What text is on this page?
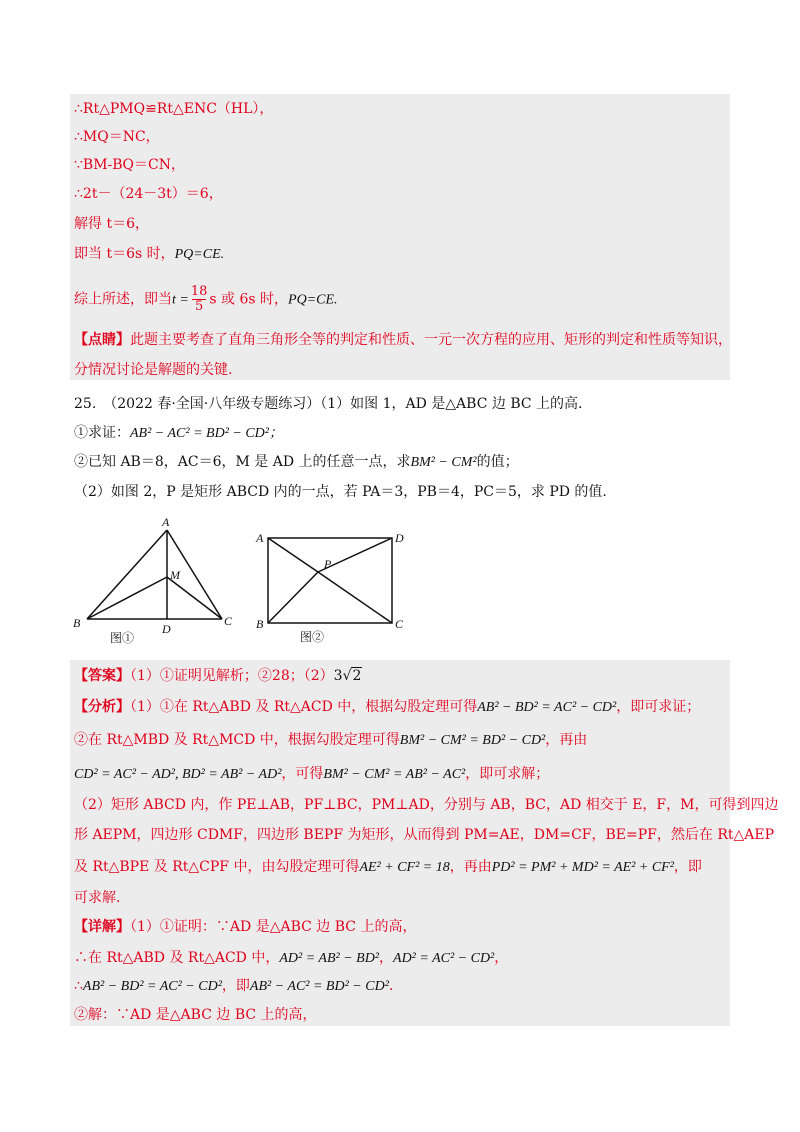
∴Rt△PMQ≌Rt△ENC（HL），
∴MQ＝NC，
∵BM-BQ＝CN，
∴2t－（24－3t）＝6，
解得 t＝6，
即当 t＝6s 时，PQ=CE.
综上所述，即当$t = \frac{18}{5}$ s 或 6s 时，PQ=CE.
【点睛】此题主要考查了直角三角形全等的判定和性质、一元一次方程的应用、矩形的判定和性质等知识，
分情况讨论是解题的关键.
25.　（2022 春·全国·八年级专题练习）（1）如图 1，AD 是△ABC 边 BC 上的高.
①求证：AB² − AC² = BD² − CD²；
②已知 AB＝8，AC＝6，M 是 AD 上的任意一点，求BM² − CM²的值；
（2）如图 2，P 是矩形 ABCD 内的一点，若 PA＝3，PB＝4，PC＝5，求 PD 的值.
A
M
B	C
D
图①
A	D
P
B	C
图②
【答案】（1）①证明见解析；②28；（2）3√2
【分析】（1）①在 Rt△ABD 及 Rt△ACD 中，根据勾股定理可得AB² − BD² = AC² − CD²，即可求证；
②在 Rt△MBD 及 Rt△MCD 中，根据勾股定理可得BM² − CM² = BD² − CD²，再由
CD² = AC² − AD², BD² = AB² − AD²，可得BM² − CM² = AB² − AC²，即可求解；
（2）矩形 ABCD 内，作 PE⊥AB，PF⊥BC，PM⊥AD，分别与 AB，BC，AD 相交于 E，F，M，可得到四边
形 AEPM，四边形 CDMF，四边形 BEPF 为矩形，从而得到 PM=AE，DM=CF，BE=PF，然后在 Rt△AEP
及 Rt△BPE 及 Rt△CPF 中，由勾股定理可得AE² + CF² = 18，再由PD² = PM² + MD² = AE² + CF²，即
可求解.
【详解】（1）①证明：∵AD 是△ABC 边 BC 上的高，
∴在 Rt△ABD 及 Rt△ACD 中，AD² = AB² − BD²，AD² = AC² − CD²，
∴AB² − BD² = AC² − CD²，即AB² − AC² = BD² − CD².
②解：∵AD 是△ABC 边 BC 上的高，
